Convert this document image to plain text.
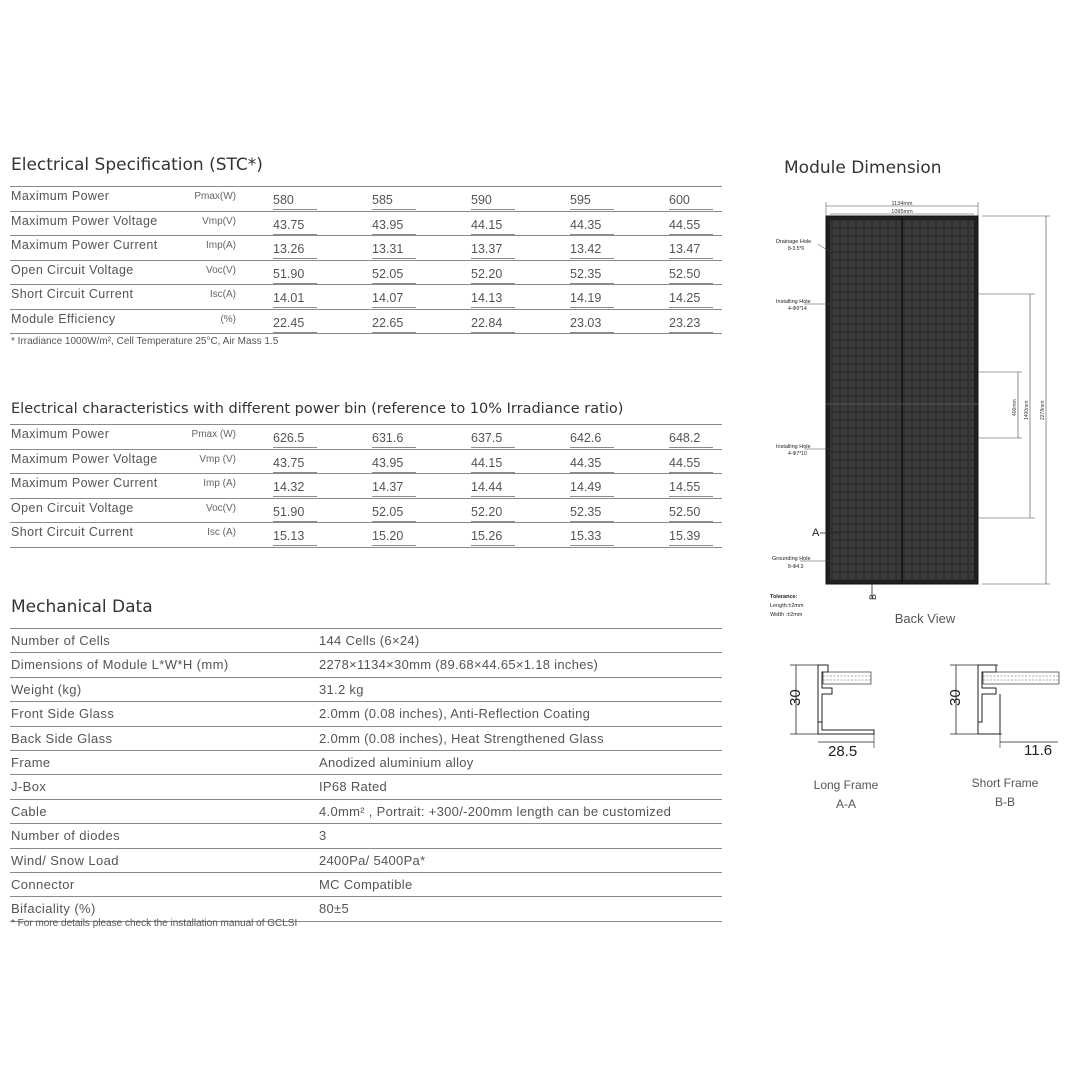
Electrical Specification (STC*)
Maximum Power	Pmax(W)	580	585	590	595	600
Maximum Power Voltage	Vmp(V)	43.75	43.95	44.15	44.35	44.55
Maximum Power Current	Imp(A)	13.26	13.31	13.37	13.42	13.47
Open Circuit Voltage	Voc(V)	51.90	52.05	52.20	52.35	52.50
Short Circuit Current	Isc(A)	14.01	14.07	14.13	14.19	14.25
Module Efficiency	(%)	22.45	22.65	22.84	23.03	23.23
* Irradiance 1000W/m², Cell Temperature 25°C, Air Mass 1.5
Electrical characteristics with different power bin (reference to 10% Irradiance ratio)
Maximum Power	Pmax (W)	626.5	631.6	637.5	642.6	648.2
Maximum Power Voltage	Vmp (V)	43.75	43.95	44.15	44.35	44.55
Maximum Power Current	Imp (A)	14.32	14.37	14.44	14.49	14.55
Open Circuit Voltage	Voc(V)	51.90	52.05	52.20	52.35	52.50
Short Circuit Current	Isc (A)	15.13	15.20	15.26	15.33	15.39
Mechanical Data
Number of Cells	144 Cells (6×24)
Dimensions of Module L*W*H (mm)	2278×1134×30mm (89.68×44.65×1.18 inches)
Weight (kg)	31.2 kg
Front Side Glass	2.0mm (0.08 inches), Anti-Reflection Coating
Back Side Glass	2.0mm (0.08 inches), Heat Strengthened Glass
Frame	Anodized aluminium alloy
J-Box	IP68 Rated
Cable	4.0mm² , Portrait: +300/-200mm length can be customized
Number of diodes	3
Wind/ Snow Load	2400Pa/ 5400Pa*
Connector	MC Compatible
Bifaciality (%)	80±5
* For more details please check the installation manual of GCLSI
Module Dimension
1134mm
1095mm
400mm 1400mm 2278mm
Drainage Hole
8-3.5*6
Installing Hole
4-Φ9*14
Installing Hole
4-Φ7*10
Grounding Hole
8-Φ4.3
A
B
Tolerance:
Length:±2mm
Width :±2mm	Back View
30
28.5
Long Frame
A-A
30
11.6
Short Frame
B-B
